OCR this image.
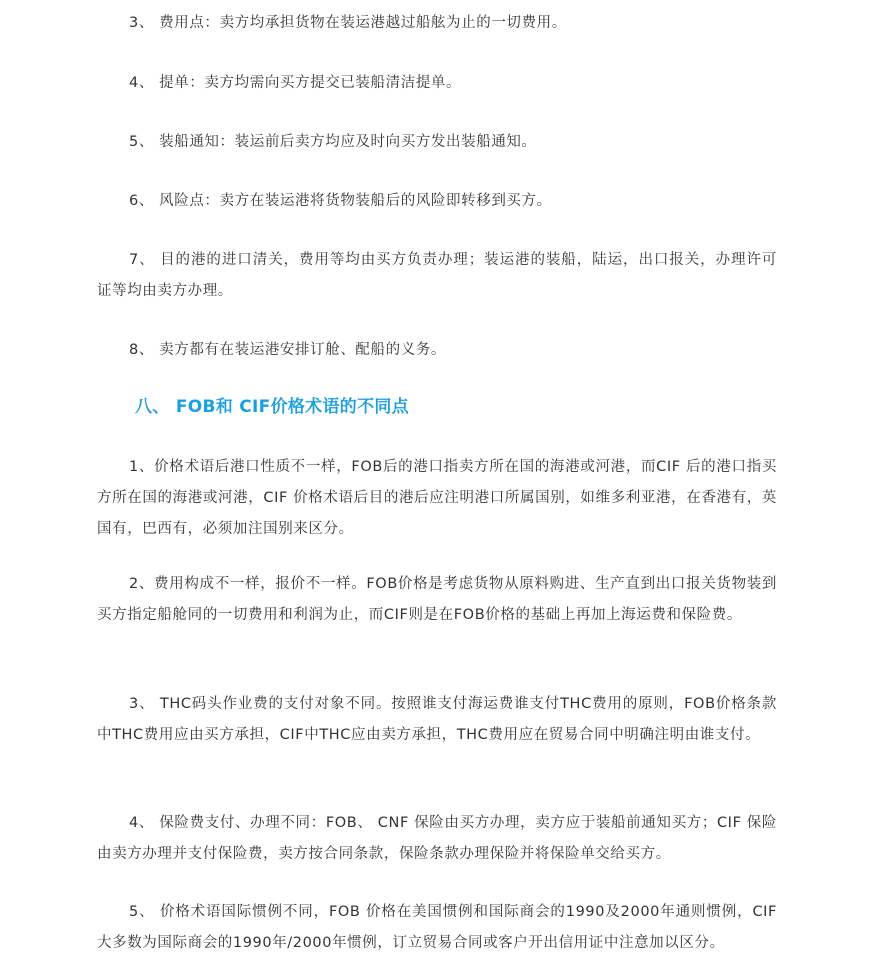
3、 费用点：卖方均承担货物在装运港越过船舷为止的一切费用。

4、 提单：卖方均需向买方提交已装船清洁提单。

5、 装船通知：装运前后卖方均应及时向买方发出装船通知。

6、 风险点：卖方在装运港将货物装船后的风险即转移到买方。

7、 目的港的进口清关，费用等均由买方负责办理；装运港的装船，陆运，出口报关，办理许可证等均由卖方办理。

8、 卖方都有在装运港安排订舱、配船的义务。

八、 FOB和 CIF价格术语的不同点

1、价格术语后港口性质不一样，FOB后的港口指卖方所在国的海港或河港，而CIF 后的港口指买方所在国的海港或河港，CIF 价格术语后目的港后应注明港口所属国别，如维多利亚港，在香港有，英国有，巴西有，必须加注国别来区分。

2、费用构成不一样，报价不一样。FOB价格是考虑货物从原料购进、生产直到出口报关货物装到买方指定船舱同的一切费用和利润为止，而CIF则是在FOB价格的基础上再加上海运费和保险费。

3、 THC码头作业费的支付对象不同。按照谁支付海运费谁支付THC费用的原则，FOB价格条款中THC费用应由买方承担，CIF中THC应由卖方承担，THC费用应在贸易合同中明确注明由谁支付。

4、 保险费支付、办理不同：FOB、 CNF 保险由买方办理，卖方应于装船前通知买方；CIF 保险由卖方办理并支付保险费，卖方按合同条款，保险条款办理保险并将保险单交给买方。

5、 价格术语国际惯例不同，FOB 价格在美国惯例和国际商会的1990及2000年通则惯例，CIF大多数为国际商会的1990年/2000年惯例，订立贸易合同或客户开出信用证中注意加以区分。
